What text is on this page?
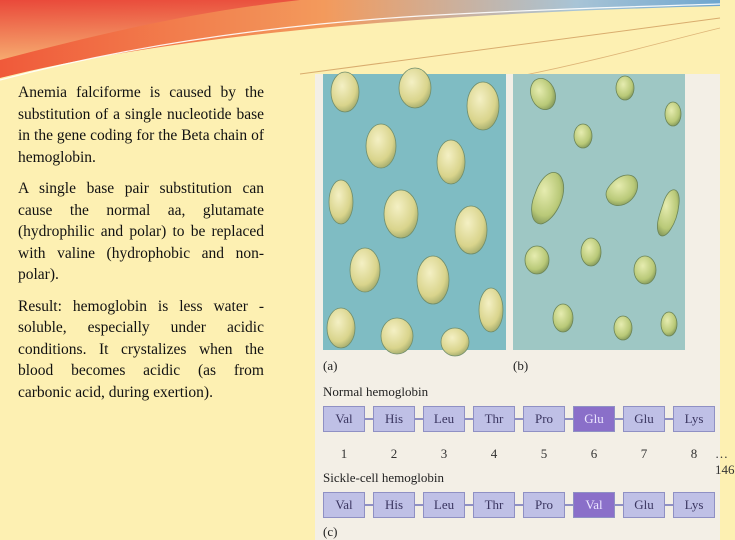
Anemia falciforme is caused by the substitution of a single nucleotide base in the gene coding for the Beta chain of hemoglobin.

A single base pair substitution can cause the normal aa, glutamate (hydrophilic and polar) to be replaced with valine (hydrophobic and non-polar).

Result: hemoglobin is less water -soluble, especially under acidic conditions. It crystalizes when the blood becomes acidic (as from carbonic acid, during exertion).

(a)	(b)
Normal hemoglobin
Val	His	Leu	Thr	Pro	Glu	Glu	Lys
1	2	3	4	5	6	7	8	… 146
Sickle-cell hemoglobin
Val	His	Leu	Thr	Pro	Val	Glu	Lys
(c)
